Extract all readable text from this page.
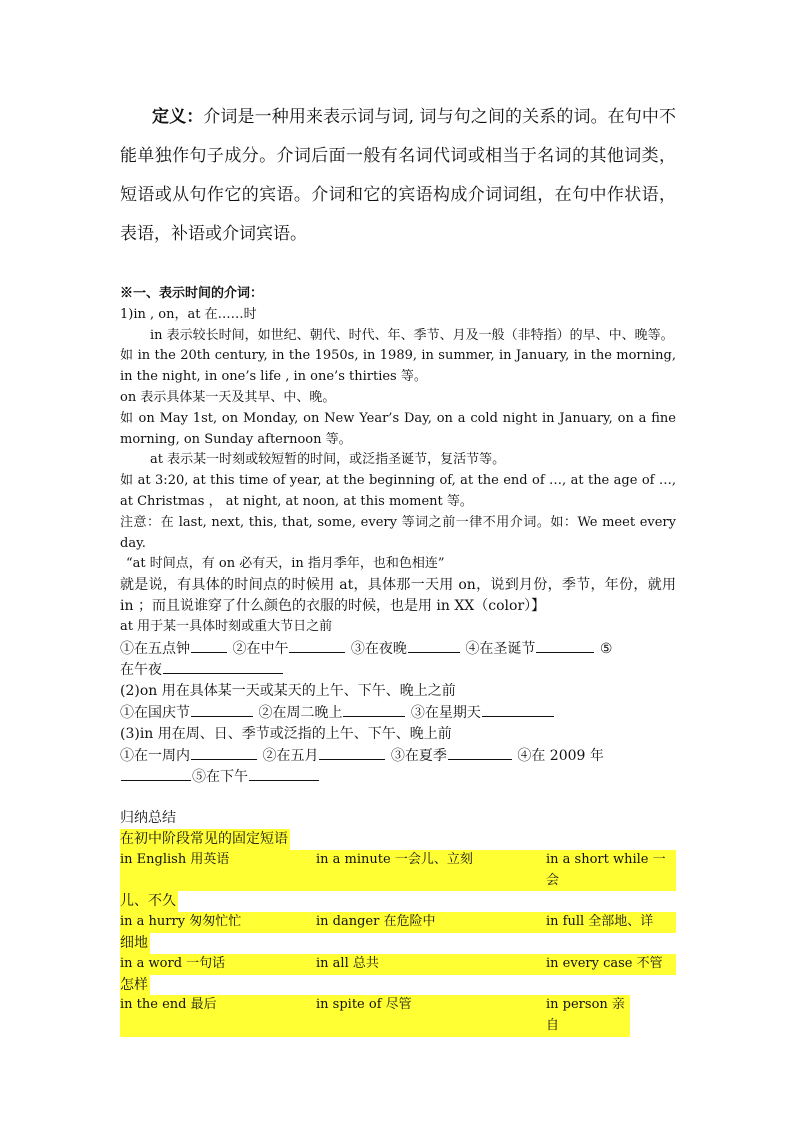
定义：介词是一种用来表示词与词, 词与句之间的关系的词。在句中不能单独作句子成分。介词后面一般有名词代词或相当于名词的其他词类，短语或从句作它的宾语。介词和它的宾语构成介词词组，在句中作状语，表语，补语或介词宾语。
※一、表示时间的介词：
1)in , on，at 在……时
in 表示较长时间，如世纪、朝代、时代、年、季节、月及一般（非特指）的早、中、晚等。
如 in the 20th century, in the 1950s, in 1989, in summer, in January, in the morning, in the night, in one’s life , in one’s thirties 等。
on 表示具体某一天及其早、中、晚。
如 on May 1st, on Monday, on New Year’s Day, on a cold night in January, on a fine morning, on Sunday afternoon 等。
at 表示某一时刻或较短暂的时间，或泛指圣诞节，复活节等。
如 at 3:20, at this time of year, at the beginning of, at the end of …, at the age of …, at Christmas ， at night, at noon, at this moment 等。
注意：在 last, next, this, that, some, every 等词之前一律不用介词。如：We meet every day.
“at 时间点，有 on 必有天，in 指月季年，也和色相连”
就是说，有具体的时间点的时候用 at，具体那一天用 on，说到月份，季节，年份，就用 in ；而且说谁穿了什么颜色的衣服的时候，也是用 in XX（color）】
at 用于某一具体时刻或重大节日之前
①在五点钟	②在中午	③在夜晚	④在圣诞节	⑤
在午夜
(2)on 用在具体某一天或某天的上午、下午、晚上之前
①在国庆节	②在周二晚上	③在星期天
(3)in 用在周、日、季节或泛指的上午、下午、晚上前
①在一周内	②在五月	③在夏季	④在 2009 年
⑤在下午
归纳总结
在初中阶段常见的固定短语
in English 用英语	in a minute 一会儿、立刻	in a short while 一会
儿、不久
in a hurry 匆匆忙忙	in danger 在危险中	in full 全部地、详
细地
in a word 一句话	in all 总共	in every case 不管
怎样
in the end 最后	in spite of 尽管	in person 亲自
